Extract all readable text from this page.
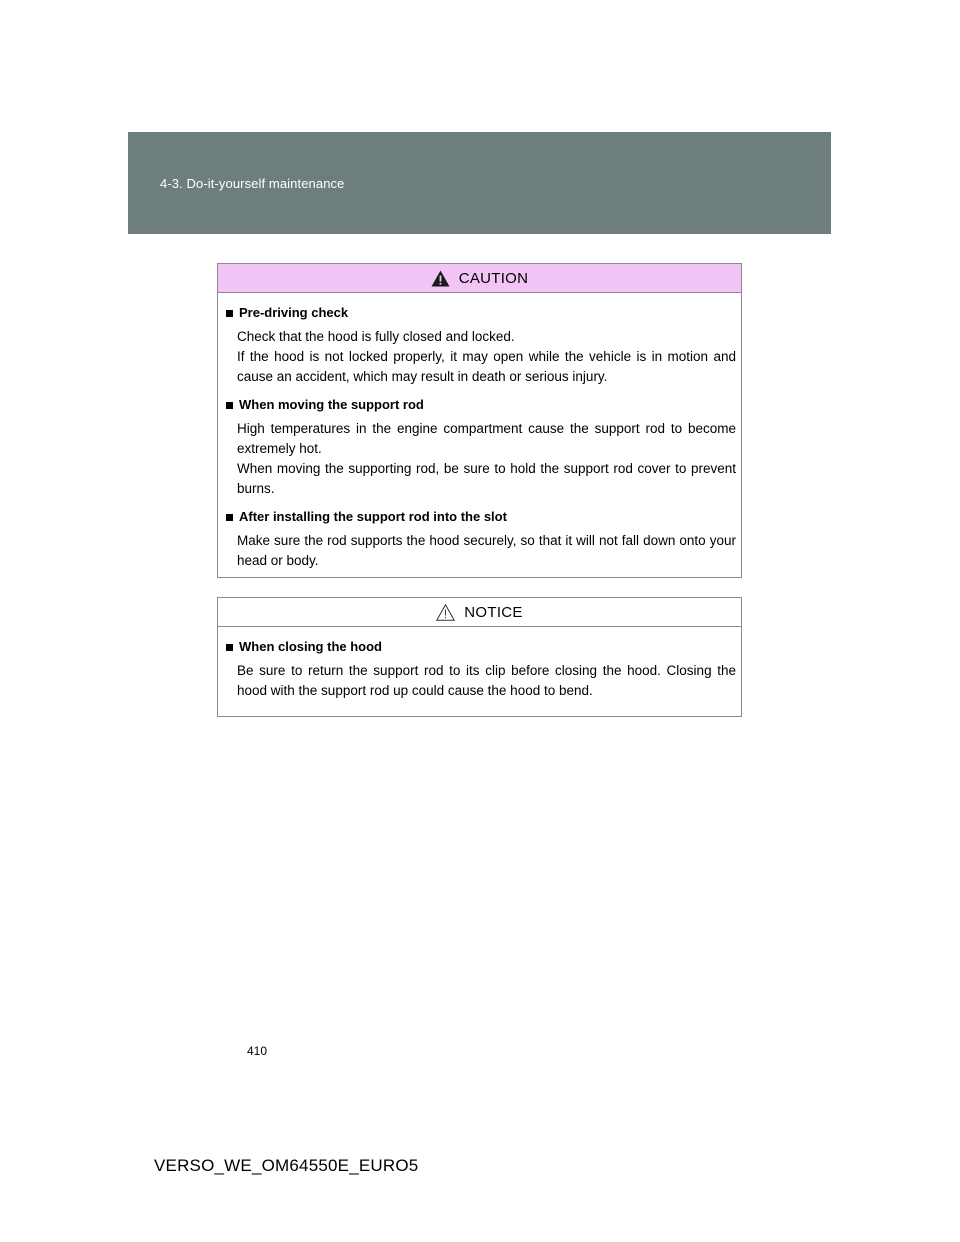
4-3. Do-it-yourself maintenance
CAUTION
Pre-driving check
Check that the hood is fully closed and locked.
If the hood is not locked properly, it may open while the vehicle is in motion and cause an accident, which may result in death or serious injury.
When moving the support rod
High temperatures in the engine compartment cause the support rod to become extremely hot.
When moving the supporting rod, be sure to hold the support rod cover to prevent burns.
After installing the support rod into the slot
Make sure the rod supports the hood securely, so that it will not fall down onto your head or body.
NOTICE
When closing the hood
Be sure to return the support rod to its clip before closing the hood. Closing the hood with the support rod up could cause the hood to bend.
410
VERSO_WE_OM64550E_EURO5
